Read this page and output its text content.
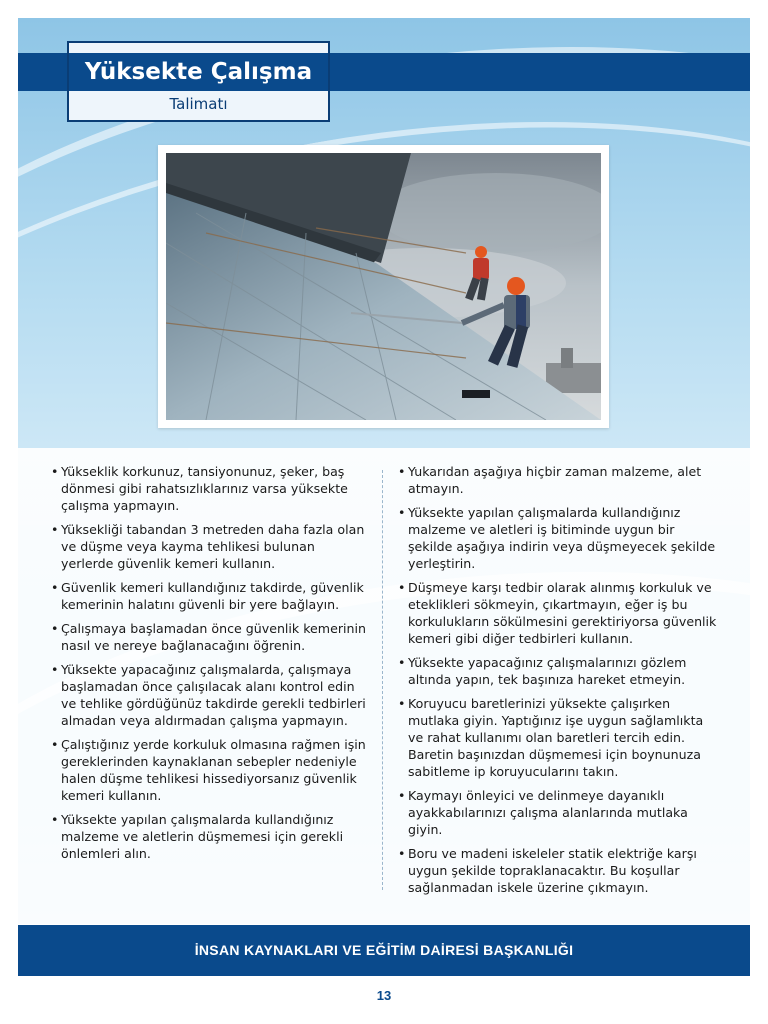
Yüksekte Çalışma
Talimatı
• Yükseklik korkunuz, tansiyonunuz, şeker, baş dönmesi gibi rahatsızlıklarınız varsa yüksekte çalışma yapmayın.
• Yüksekliği tabandan 3 metreden daha fazla olan ve düşme veya kayma tehlikesi bulunan yerlerde güvenlik kemeri kullanın.
• Güvenlik kemeri kullandığınız takdirde, güvenlik kemerinin halatını güvenli bir yere bağlayın.
• Çalışmaya başlamadan önce güvenlik kemerinin nasıl ve nereye bağlanacağını öğrenin.
• Yüksekte yapacağınız çalışmalarda, çalışmaya başlamadan önce çalışılacak alanı kontrol edin ve tehlike gördüğünüz takdirde gerekli tedbirleri almadan veya aldırmadan çalışma yapmayın.
• Çalıştığınız yerde korkuluk olmasına rağmen işin gereklerinden kaynaklanan sebepler nedeniyle halen düşme tehlikesi hissediyorsanız güvenlik kemeri kullanın.
• Yüksekte yapılan çalışmalarda kullandığınız malzeme ve aletlerin düşmemesi için gerekli önlemleri alın.
• Yukarıdan aşağıya hiçbir zaman malzeme, alet atmayın.
• Yüksekte yapılan çalışmalarda kullandığınız malzeme ve aletleri iş bitiminde uygun bir şekilde aşağıya indirin veya düşmeyecek şekilde yerleştirin.
• Düşmeye karşı tedbir olarak alınmış korkuluk ve eteklikleri sökmeyin, çıkartmayın, eğer iş bu korkulukların sökülmesini gerektiriyorsa güvenlik kemeri gibi diğer tedbirleri kullanın.
• Yüksekte yapacağınız çalışmalarınızı gözlem altında yapın, tek başınıza hareket etmeyin.
• Koruyucu baretlerinizi yüksekte çalışırken mutlaka giyin. Yaptığınız işe uygun sağlamlıkta ve rahat kullanımı olan baretleri tercih edin. Baretin başınızdan düşmemesi için boynunuza sabitleme ip koruyucularını takın.
• Kaymayı önleyici ve delinmeye dayanıklı ayakkabılarınızı çalışma alanlarında mutlaka giyin.
• Boru ve madeni iskeleler statik elektriğe karşı uygun şekilde topraklanacaktır. Bu koşullar sağlanmadan iskele üzerine çıkmayın.
İNSAN KAYNAKLARI VE EĞİTİM DAİRESİ BAŞKANLIĞI
13
